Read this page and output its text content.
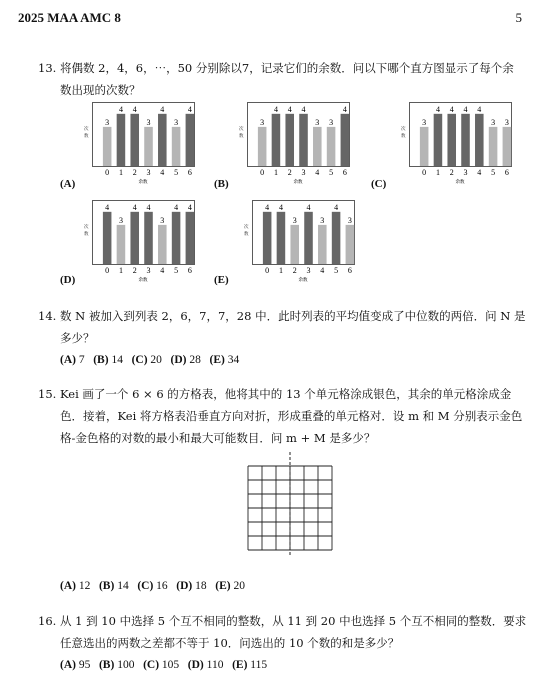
2025 MAA AMC 8	5
13. 将偶数 2，4，6，⋯，50 分别除以7，记录它们的余数．问以下哪个直方图显示了每个余
数出现的次数？
次
数
3
0
4
1
4
2
3
3
4
4
3
5
4
6
余数
(A)
次
数
3
0
4
1
4
2
4
3
3
4
3
5
4
6
余数
(B)
次
数
3
0
4
1
4
2
4
3
4
4
3
5
3
6
余数
(C)
次
数
4
0
3
1
4
2
4
3
3
4
4
5
4
6
余数
(D)
次
数
4
0
4
1
3
2
4
3
3
4
4
5
3
6
余数
(E)
14. 数 N 被加入到列表 2，6，7，7，28 中．此时列表的平均值变成了中位数的两倍．问 N 是
多少？
(A) 7 (B) 14 (C) 20 (D) 28 (E) 34
15. Kei 画了一个 6 × 6 的方格表，他将其中的 13 个单元格涂成银色，其余的单元格涂成金
色．接着，Kei 将方格表沿垂直方向对折，形成重叠的单元格对．设 m 和 M 分别表示金色
格-金色格的对数的最小和最大可能数目．问 m + M 是多少？
(A) 12 (B) 14 (C) 16 (D) 18 (E) 20
16. 从 1 到 10 中选择 5 个互不相同的整数，从 11 到 20 中也选择 5 个互不相同的整数．要求
任意选出的两数之差都不等于 10．问选出的 10 个数的和是多少？
(A) 95 (B) 100 (C) 105 (D) 110 (E) 115
